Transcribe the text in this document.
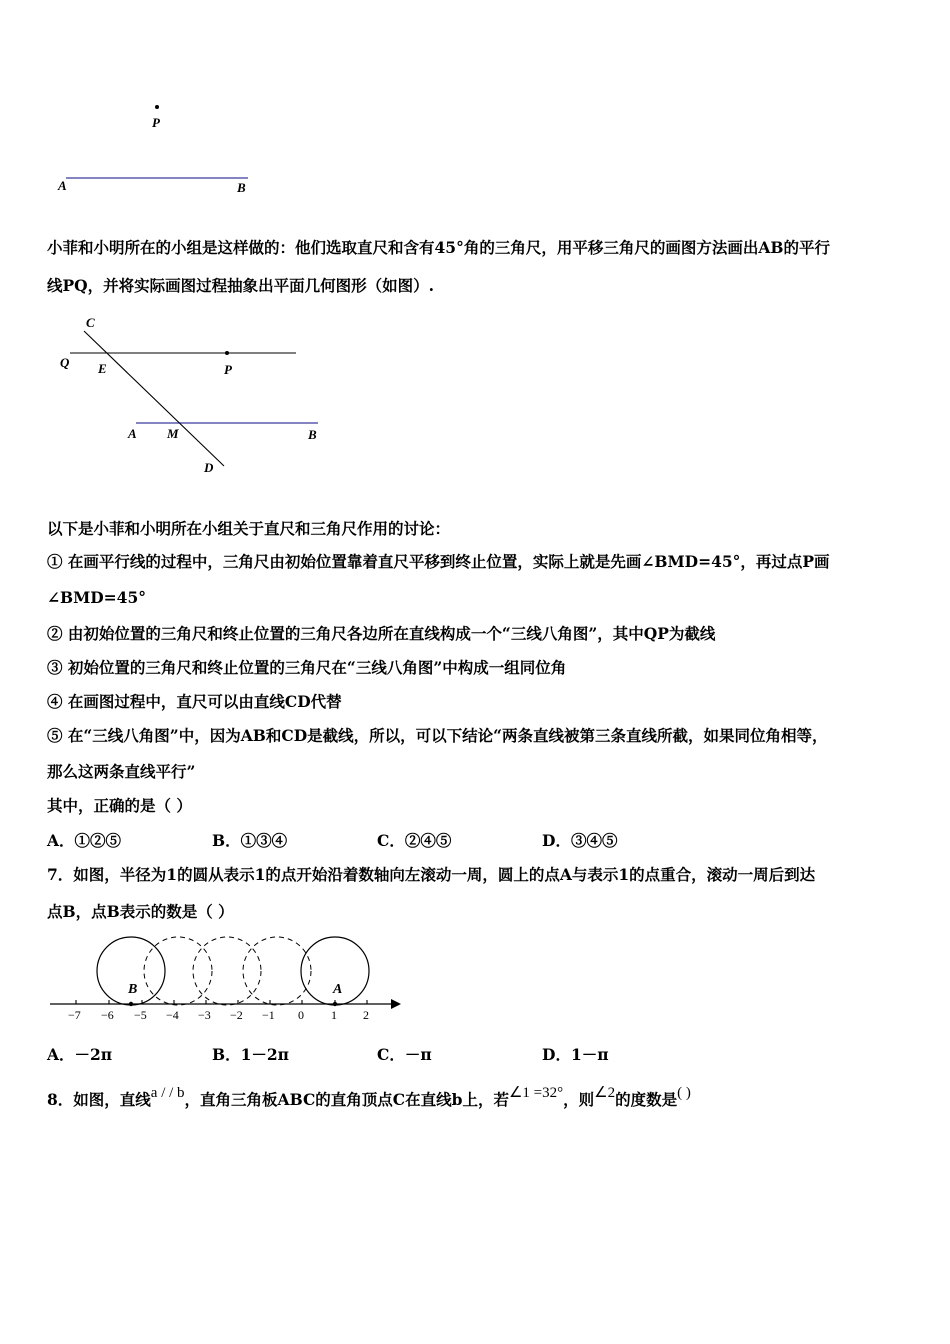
P
A	B
小菲和小明所在的小组是这样做的：他们选取直尺和含有45°角的三角尺，用平移三角尺的画图方法画出AB的平行
线PQ，并将实际画图过程抽象出平面几何图形（如图）.
C
Q E	P
A M	B
D
以下是小菲和小明所在小组关于直尺和三角尺作用的讨论：
① 在画平行线的过程中，三角尺由初始位置靠着直尺平移到终止位置，实际上就是先画∠BMD=45°，再过点P画
∠BMD=45°
② 由初始位置的三角尺和终止位置的三角尺各边所在直线构成一个“三线八角图”，其中QP为截线
③ 初始位置的三角尺和终止位置的三角尺在“三线八角图”中构成一组同位角
④ 在画图过程中，直尺可以由直线CD代替
⑤ 在“三线八角图”中，因为AB和CD是截线，所以，可以下结论“两条直线被第三条直线所截，如果同位角相等，
那么这两条直线平行”
其中，正确的是（ ）
A．①②⑤	B．①③④	C．②④⑤	D．③④⑤
7．如图，半径为1的圆从表示1的点开始沿着数轴向左滚动一周，圆上的点A与表示1的点重合，滚动一周后到达
点B，点B表示的数是（ ）
B	A
−7 −6 −5 −4 −3 −2 −1 0 1 2
A．－2π	B．1－2π	C．－π	D．1－π
8．如图，直线a / / b，直角三角板ABC的直角顶点C在直线b上，若∠1 =32°，则∠2的度数是( )
